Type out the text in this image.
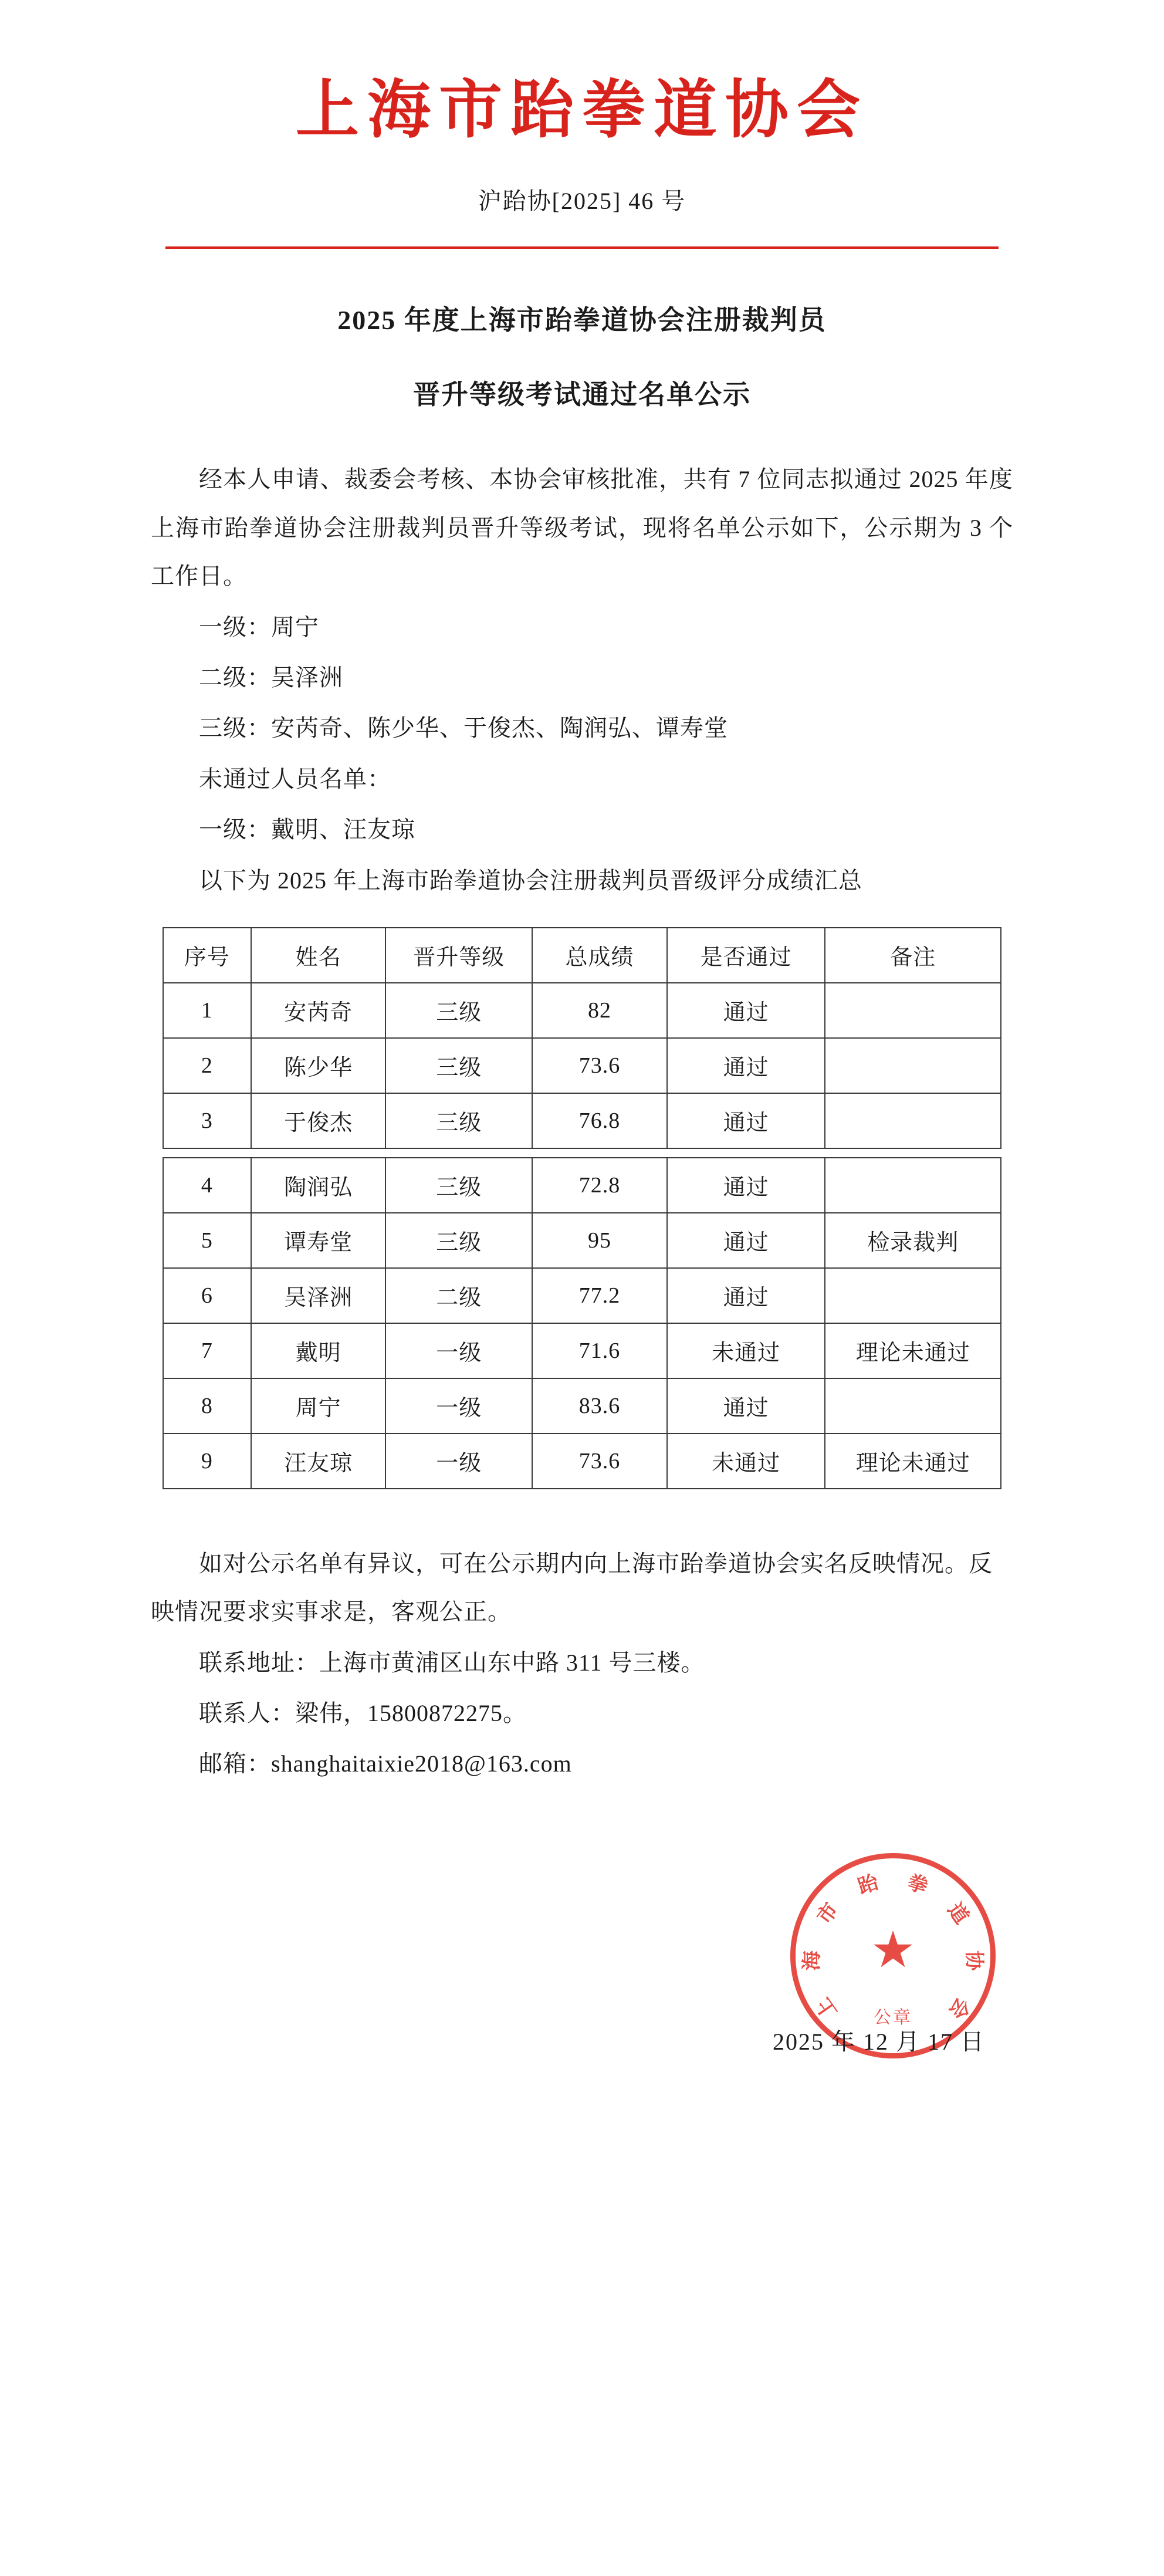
上海市跆拳道协会
沪跆协[2025] 46 号
2025 年度上海市跆拳道协会注册裁判员
晋升等级考试通过名单公示

经本人申请、裁委会考核、本协会审核批准，共有 7 位同志拟通过 2025 年度上海市跆拳道协会注册裁判员晋升等级考试，现将名单公示如下，公示期为 3 个工作日。

一级：周宁

二级：吴泽洲

三级：安芮奇、陈少华、于俊杰、陶润弘、谭寿堂

未通过人员名单：

一级：戴明、汪友琼

以下为 2025 年上海市跆拳道协会注册裁判员晋级评分成绩汇总

序号	姓名	晋升等级	总成绩	是否通过	备注
1	安芮奇	三级	82	通过	
2	陈少华	三级	73.6	通过	
3	于俊杰	三级	76.8	通过	

4	陶润弘	三级	72.8	通过	
5	谭寿堂	三级	95	通过	检录裁判
6	吴泽洲	二级	77.2	通过	
7	戴明	一级	71.6	未通过	理论未通过
8	周宁	一级	83.6	通过	
9	汪友琼	一级	73.6	未通过	理论未通过

如对公示名单有异议，可在公示期内向上海市跆拳道协会实名反映情况。反映情况要求实事求是，客观公正。

联系地址：上海市黄浦区山东中路 311 号三楼。

联系人：梁伟，15800872275。

邮箱：shanghaitaixie2018@163.com

★
公章
上
海
市
跆 拳
道
协
会
2025 年 12 月 17 日
